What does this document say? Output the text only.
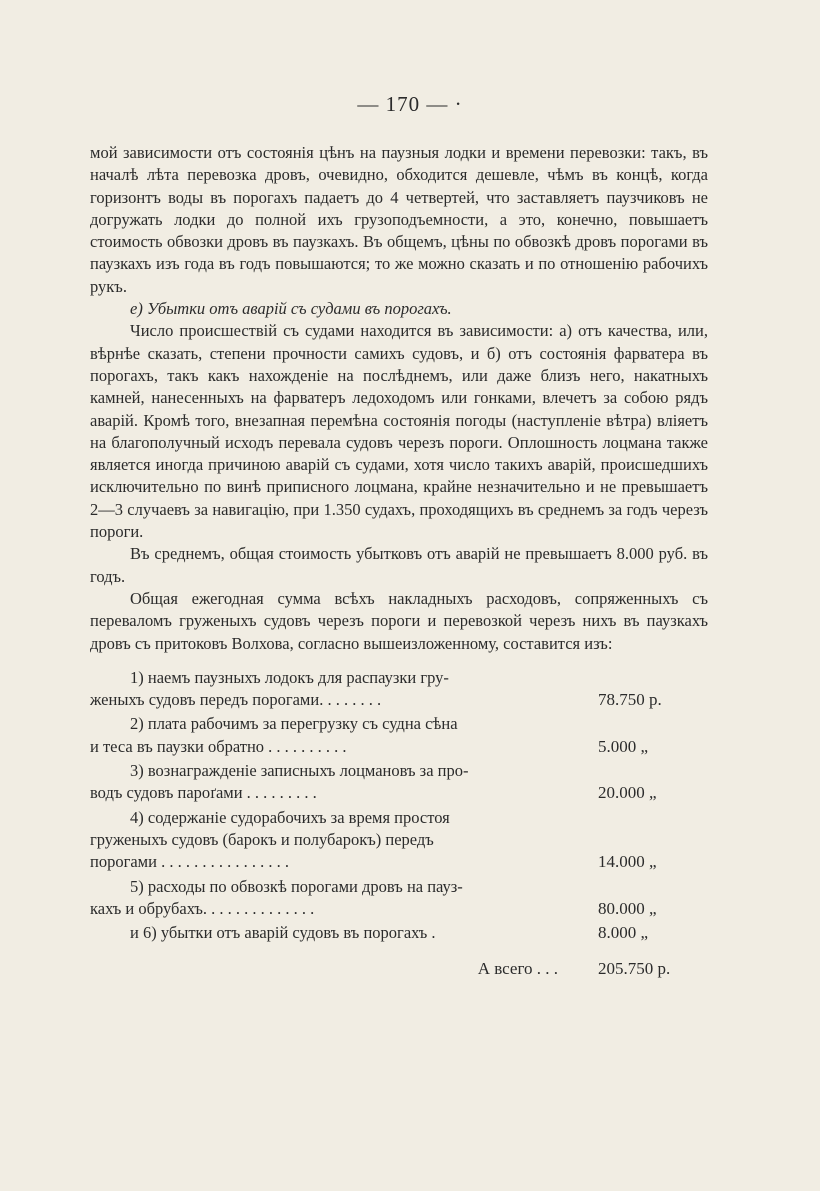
— 170 — ·

мой зависимости отъ состоянія цѣнъ на паузныя лодки и времени перевозки: такъ, въ началѣ лѣта перевозка дровъ, очевидно, обходится дешевле, чѣмъ въ концѣ, когда горизонтъ воды въ порогахъ падаетъ до 4 четвертей, что заставляетъ паузчиковъ не догружать лодки до полной ихъ грузоподъемности, а это, конечно, повышаетъ стоимость обвозки дровъ въ паузкахъ. Въ общемъ, цѣны по обвозкѣ дровъ порогами въ паузкахъ изъ года въ годъ повышаются; то же можно сказать и по отношенію рабочихъ рукъ.

е) Убытки отъ аварій съ судами въ порогахъ.

Число происшествій съ судами находится въ зависимости: а) отъ качества, или, вѣрнѣе сказать, степени прочности самихъ судовъ, и б) отъ состоянія фарватера въ порогахъ, такъ какъ нахожденіе на послѣднемъ, или даже близъ него, накатныхъ камней, нанесенныхъ на фарватеръ ледоходомъ или гонками, влечетъ за собою рядъ аварій. Кромѣ того, внезапная перемѣна состоянія погоды (наступленіе вѣтра) вліяетъ на благополучный исходъ перевала судовъ черезъ пороги. Оплошность лоцмана также является иногда причиною аварій съ судами, хотя число такихъ аварій, происшедшихъ исключительно по винѣ приписного лоцмана, крайне незначительно и не превышаетъ 2—3 случаевъ за навигацію, при 1.350 судахъ, проходящихъ въ среднемъ за годъ черезъ пороги.

Въ среднемъ, общая стоимость убытковъ отъ аварій не превышаетъ 8.000 руб. въ годъ.

Общая ежегодная сумма всѣхъ накладныхъ расходовъ, сопряженныхъ съ переваломъ груженыхъ судовъ черезъ пороги и перевозкой черезъ нихъ въ паузкахъ дровъ съ притоковъ Волхова, согласно вышеизложенному, составится изъ:

1) наемъ паузныхъ лодокъ для распаузки гру-
женыхъ судовъ передъ порогами. . . . . . . .	78.750 р.

2) плата рабочимъ за перегрузку съ судна сѣна
и теса въ паузки обратно . . . . . . . . . .	5.000 „

3) вознагражденіе записныхъ лоцмановъ за про-
водъ судовъ пароґами . . . . . . . . .	20.000 „

4) содержаніе судорабочихъ за время простоя
груженыхъ судовъ (барокъ и полубарокъ) передъ
порогами . . . . . . . . . . . . . . . .	14.000 „

5) расходы по обвозкѣ порогами дровъ на пауз-
кахъ и обрубахъ. . . . . . . . . . . . . .	80.000 „

и 6) убытки отъ аварій судовъ въ порогахъ .	8.000 „
А всего . . . 205.750 р.
